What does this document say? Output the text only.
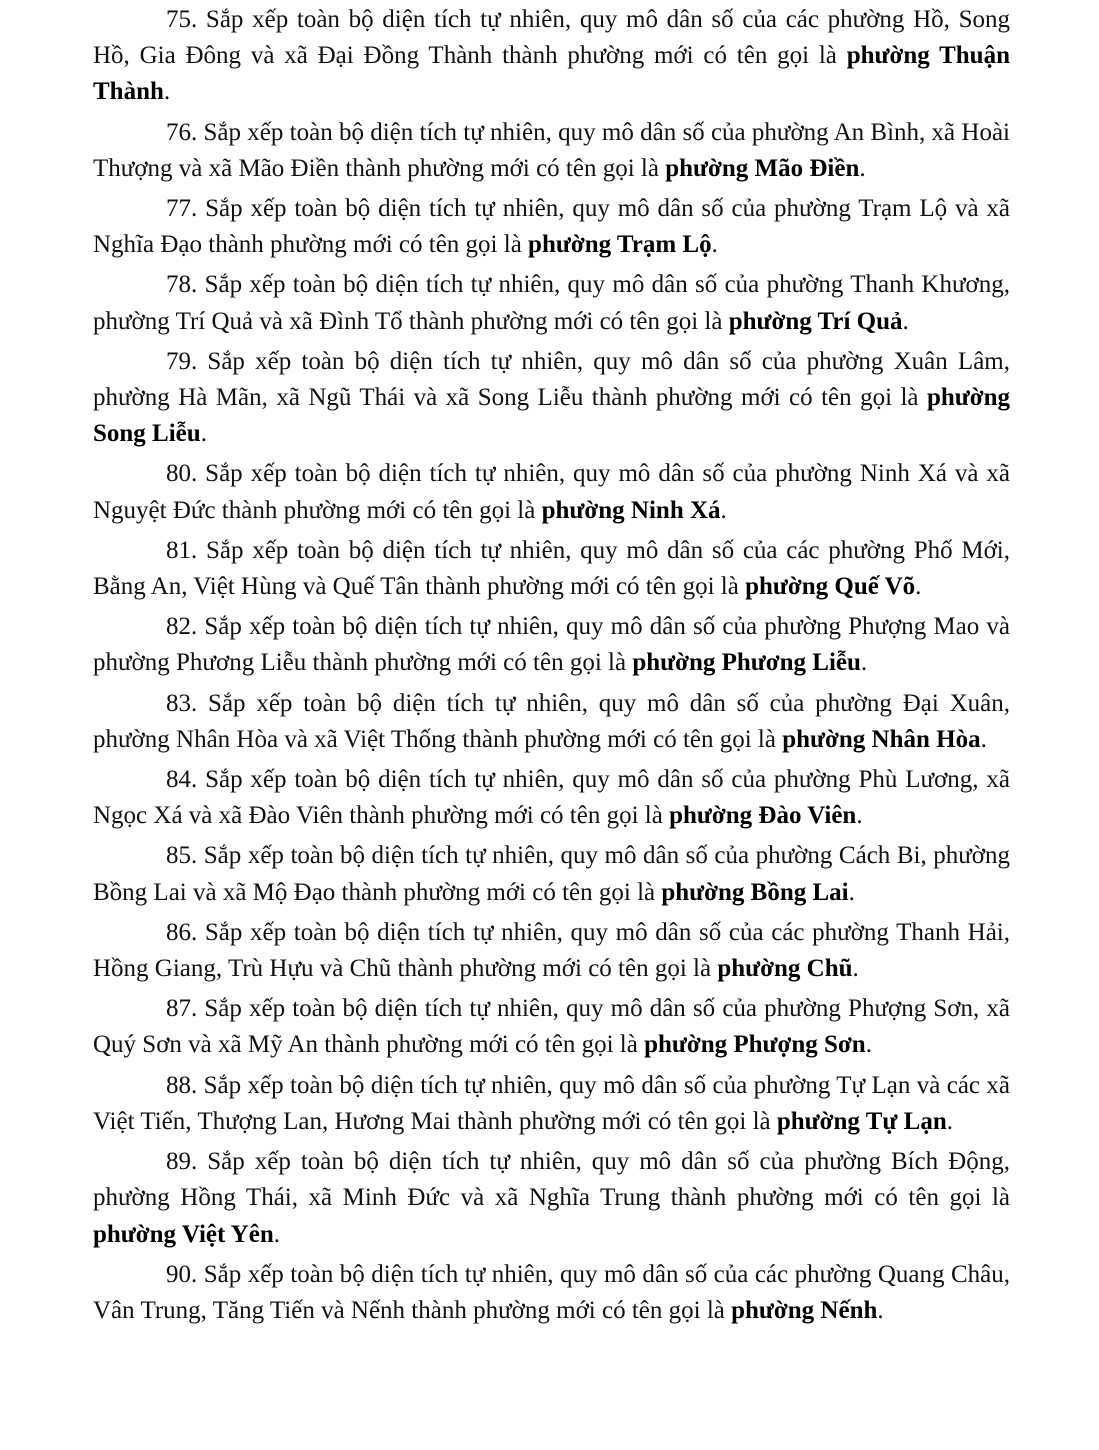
75. Sắp xếp toàn bộ diện tích tự nhiên, quy mô dân số của các phường Hồ, Song Hồ, Gia Đông và xã Đại Đồng Thành thành phường mới có tên gọi là phường Thuận Thành.

76. Sắp xếp toàn bộ diện tích tự nhiên, quy mô dân số của phường An Bình, xã Hoài Thượng và xã Mão Điền thành phường mới có tên gọi là phường Mão Điền.

77. Sắp xếp toàn bộ diện tích tự nhiên, quy mô dân số của phường Trạm Lộ và xã Nghĩa Đạo thành phường mới có tên gọi là phường Trạm Lộ.

78. Sắp xếp toàn bộ diện tích tự nhiên, quy mô dân số của phường Thanh Khương, phường Trí Quả và xã Đình Tổ thành phường mới có tên gọi là phường Trí Quả.

79. Sắp xếp toàn bộ diện tích tự nhiên, quy mô dân số của phường Xuân Lâm, phường Hà Mãn, xã Ngũ Thái và xã Song Liễu thành phường mới có tên gọi là phường Song Liễu.

80. Sắp xếp toàn bộ diện tích tự nhiên, quy mô dân số của phường Ninh Xá và xã Nguyệt Đức thành phường mới có tên gọi là phường Ninh Xá.

81. Sắp xếp toàn bộ diện tích tự nhiên, quy mô dân số của các phường Phố Mới, Bằng An, Việt Hùng và Quế Tân thành phường mới có tên gọi là phường Quế Võ.

82. Sắp xếp toàn bộ diện tích tự nhiên, quy mô dân số của phường Phượng Mao và phường Phương Liễu thành phường mới có tên gọi là phường Phương Liễu.

83. Sắp xếp toàn bộ diện tích tự nhiên, quy mô dân số của phường Đại Xuân, phường Nhân Hòa và xã Việt Thống thành phường mới có tên gọi là phường Nhân Hòa.

84. Sắp xếp toàn bộ diện tích tự nhiên, quy mô dân số của phường Phù Lương, xã Ngọc Xá và xã Đào Viên thành phường mới có tên gọi là phường Đào Viên.

85. Sắp xếp toàn bộ diện tích tự nhiên, quy mô dân số của phường Cách Bi, phường Bồng Lai và xã Mộ Đạo thành phường mới có tên gọi là phường Bồng Lai.

86. Sắp xếp toàn bộ diện tích tự nhiên, quy mô dân số của các phường Thanh Hải, Hồng Giang, Trù Hựu và Chũ thành phường mới có tên gọi là phường Chũ.

87. Sắp xếp toàn bộ diện tích tự nhiên, quy mô dân số của phường Phượng Sơn, xã Quý Sơn và xã Mỹ An thành phường mới có tên gọi là phường Phượng Sơn.

88. Sắp xếp toàn bộ diện tích tự nhiên, quy mô dân số của phường Tự Lạn và các xã Việt Tiến, Thượng Lan, Hương Mai thành phường mới có tên gọi là phường Tự Lạn.

89. Sắp xếp toàn bộ diện tích tự nhiên, quy mô dân số của phường Bích Động, phường Hồng Thái, xã Minh Đức và xã Nghĩa Trung thành phường mới có tên gọi là phường Việt Yên.

90. Sắp xếp toàn bộ diện tích tự nhiên, quy mô dân số của các phường Quang Châu, Vân Trung, Tăng Tiến và Nếnh thành phường mới có tên gọi là phường Nếnh.
